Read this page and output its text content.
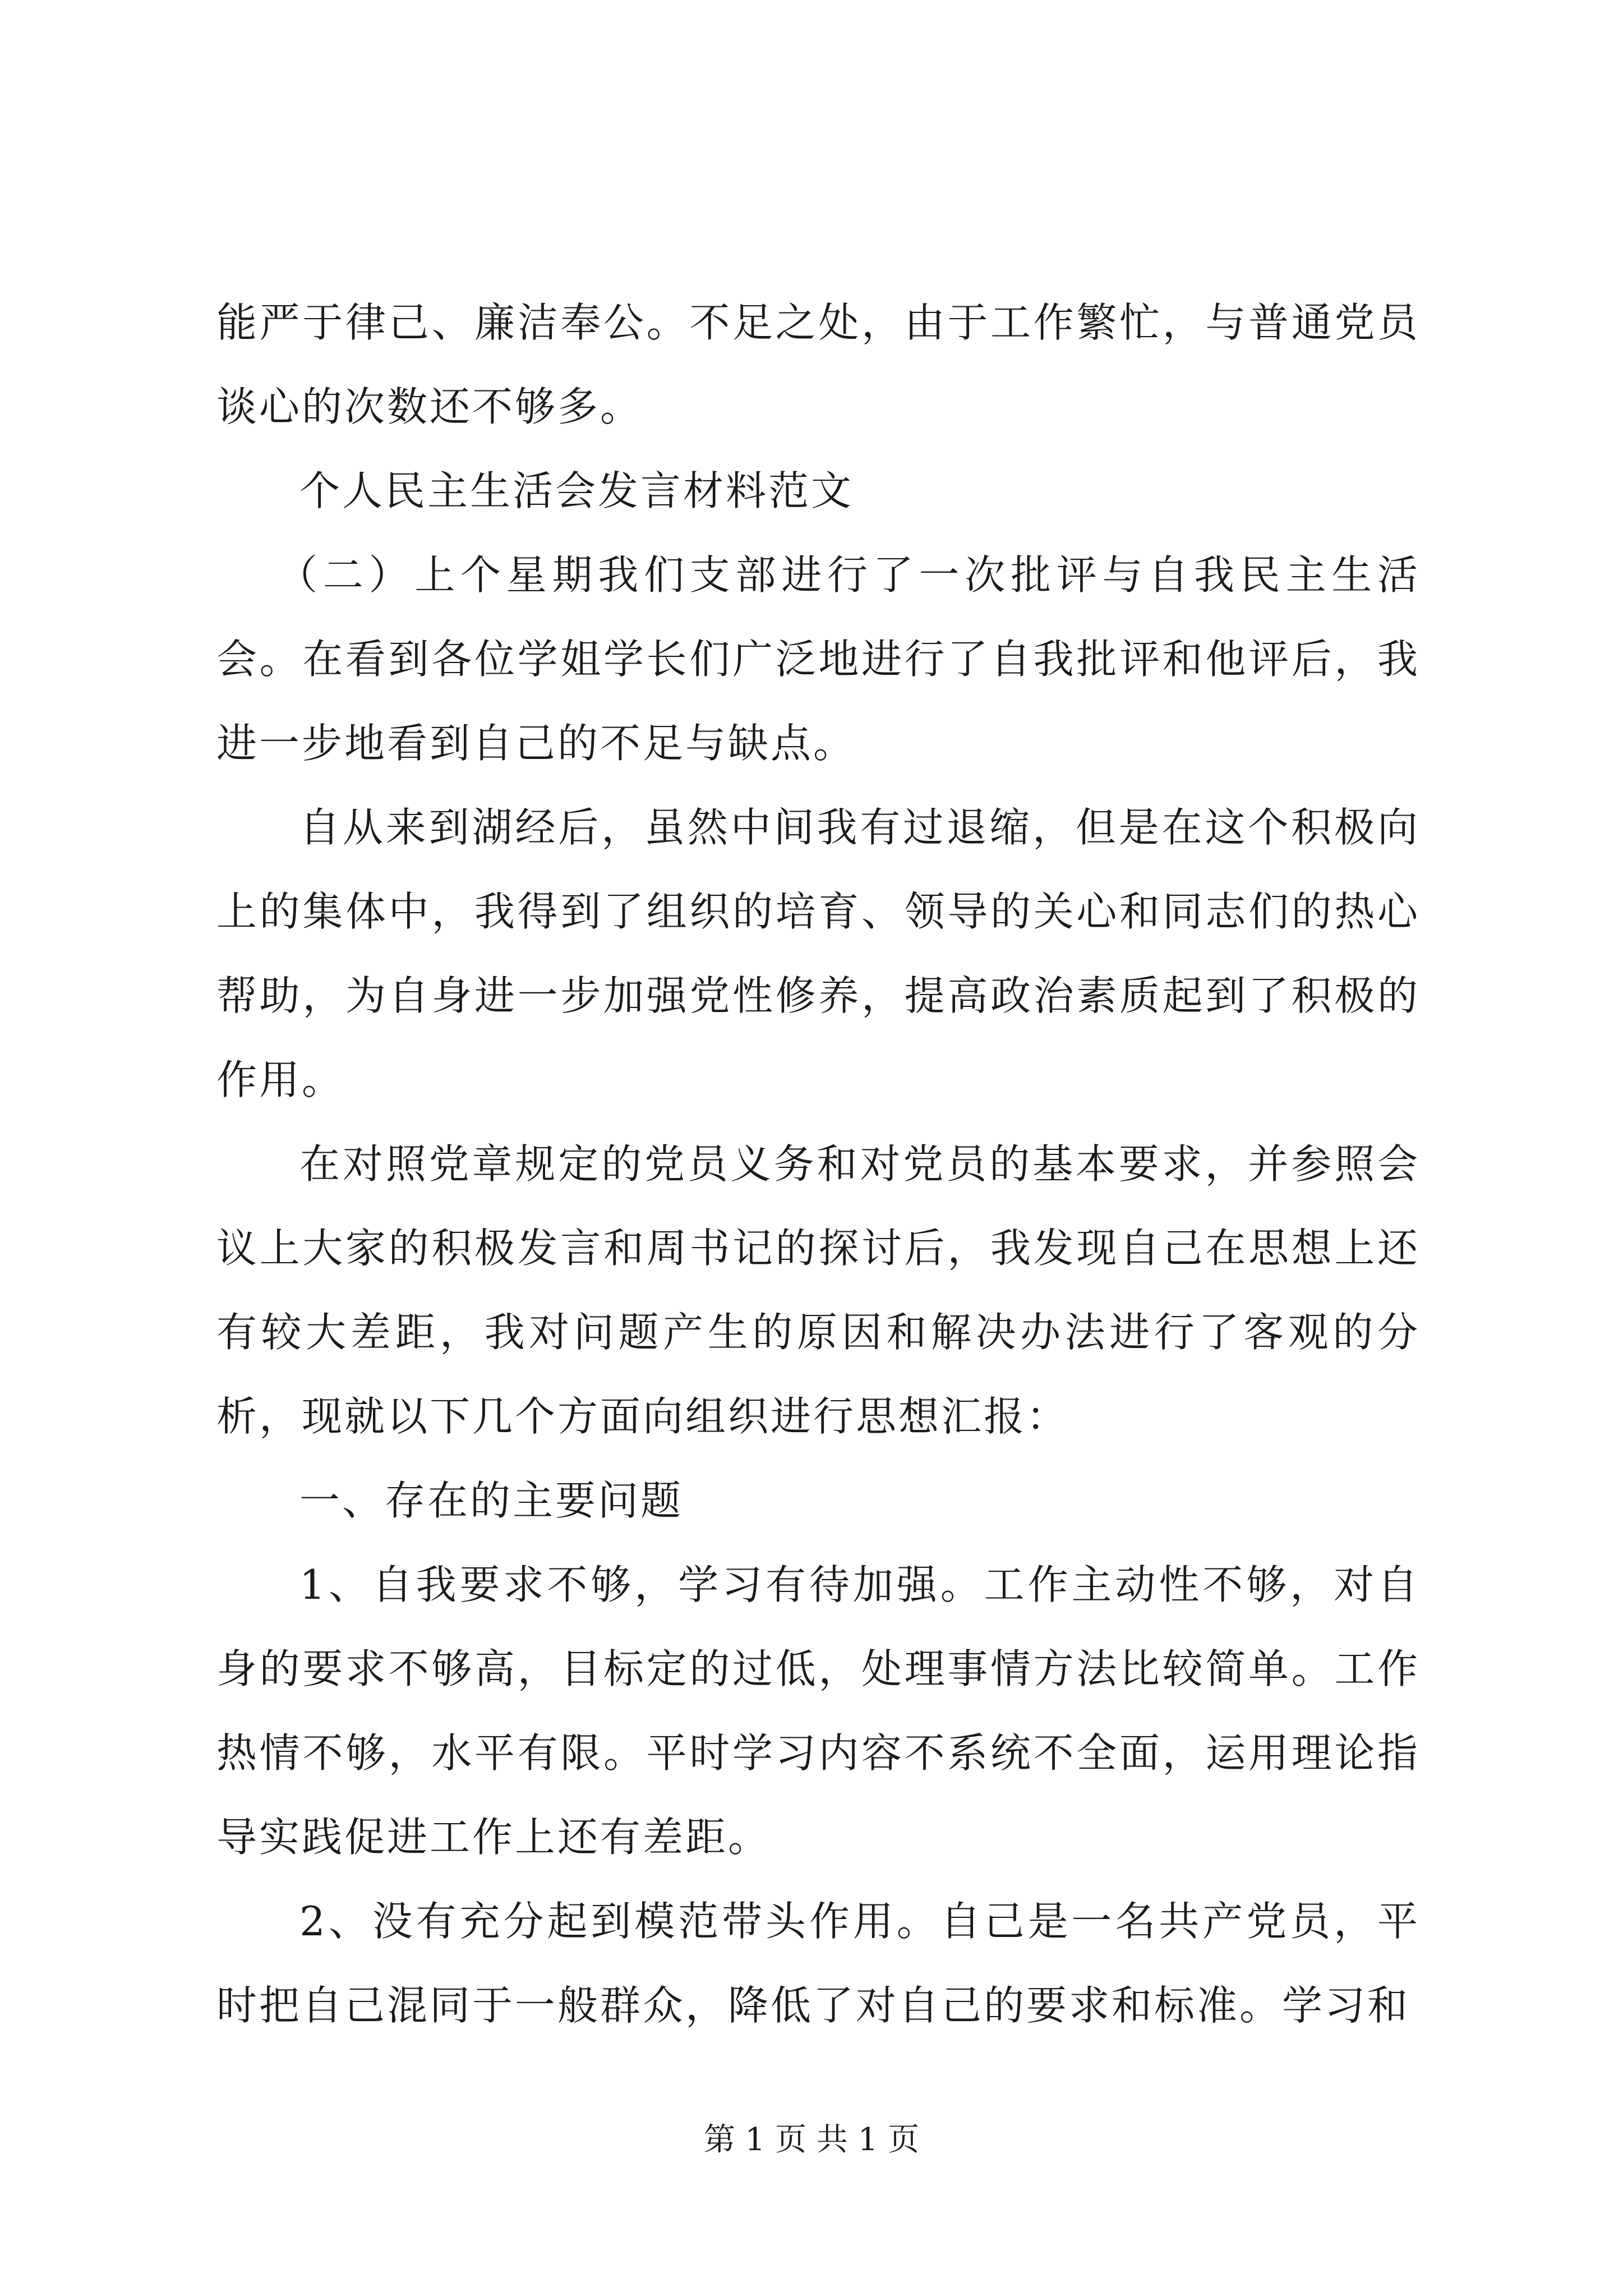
能严于律己、廉洁奉公。不足之处，由于工作繁忙，与普通党员谈心的次数还不够多。

个人民主生活会发言材料范文

（二）上个星期我们支部进行了一次批评与自我民主生活会。在看到各位学姐学长们广泛地进行了自我批评和他评后，我进一步地看到自己的不足与缺点。

自从来到湖经后，虽然中间我有过退缩，但是在这个积极向上的集体中，我得到了组织的培育、领导的关心和同志们的热心帮助，为自身进一步加强党性修养，提高政治素质起到了积极的作用。

在对照党章规定的党员义务和对党员的基本要求，并参照会议上大家的积极发言和周书记的探讨后，我发现自己在思想上还有较大差距，我对问题产生的原因和解决办法进行了客观的分析，现就以下几个方面向组织进行思想汇报：

一、存在的主要问题

1、自我要求不够，学习有待加强。工作主动性不够，对自身的要求不够高，目标定的过低，处理事情方法比较简单。工作热情不够，水平有限。平时学习内容不系统不全面，运用理论指导实践促进工作上还有差距。

2、没有充分起到模范带头作用。自己是一名共产党员，平时把自己混同于一般群众，降低了对自己的要求和标准。学习和

第 1 页 共 1 页
